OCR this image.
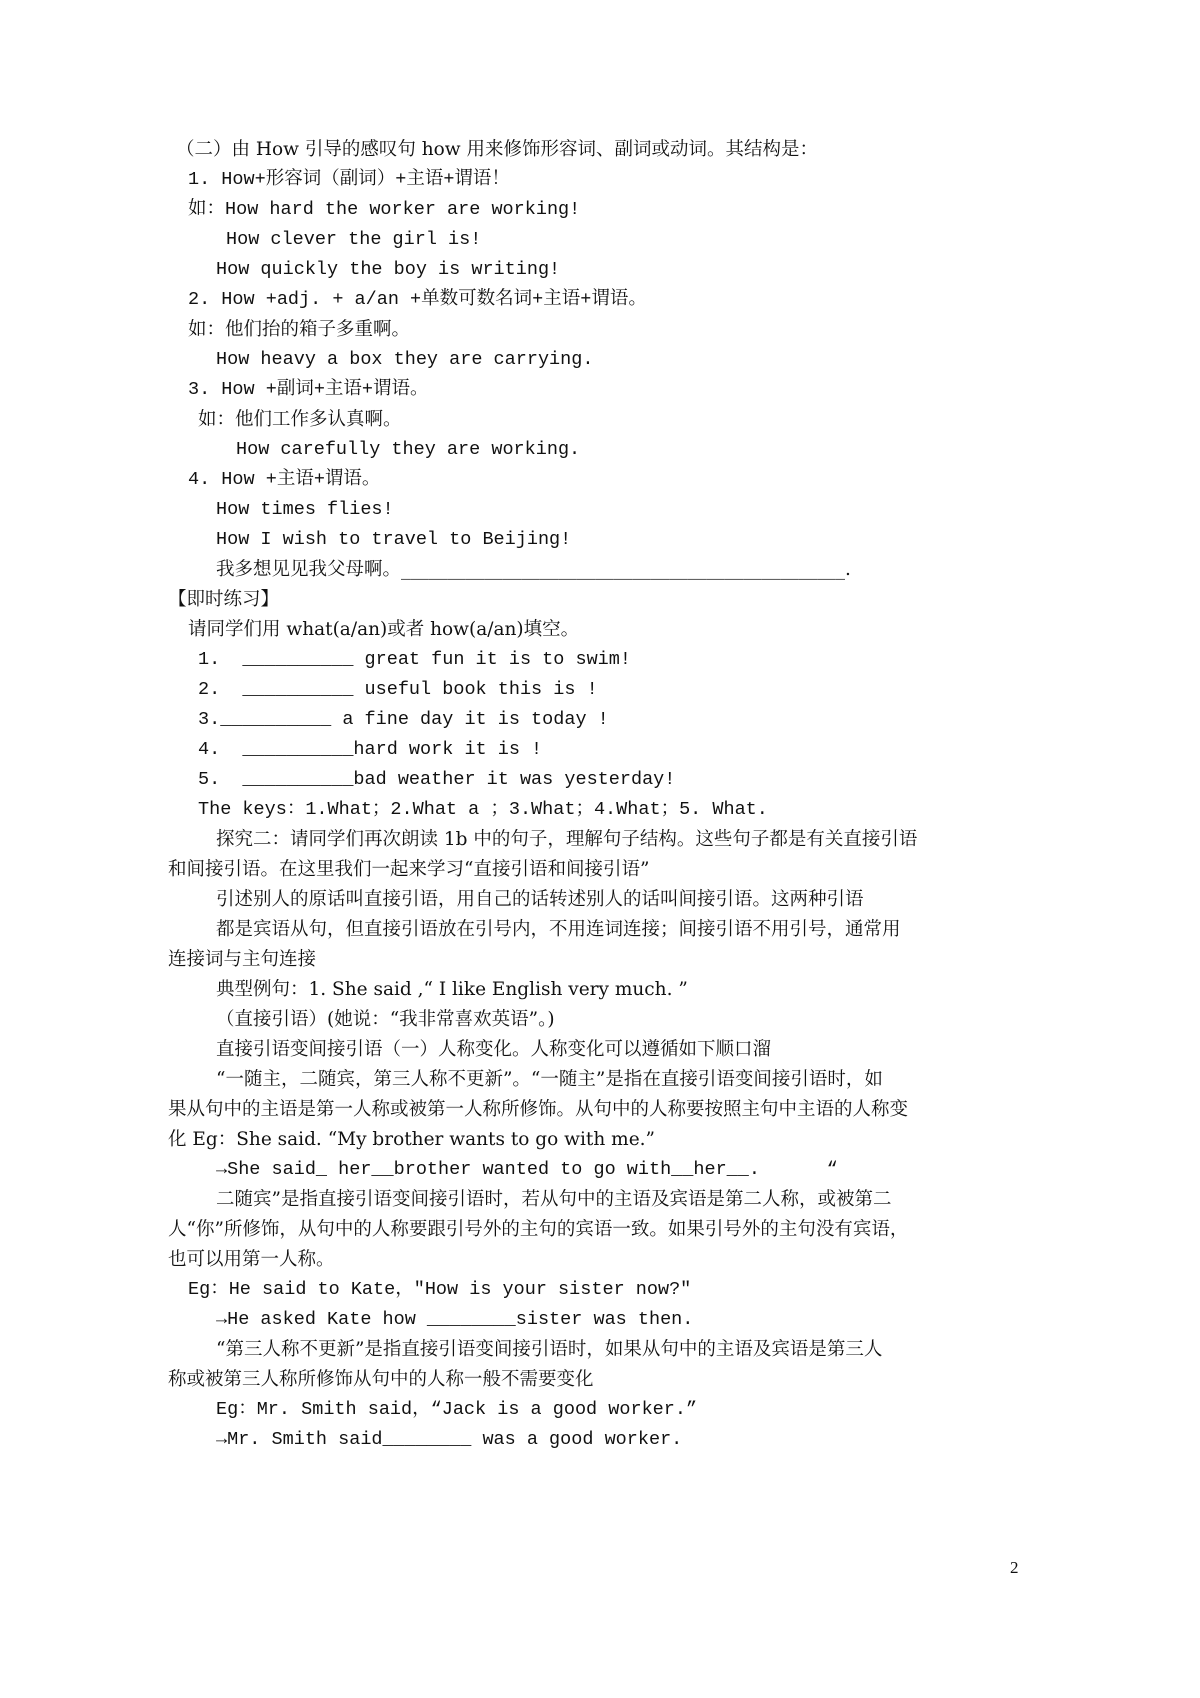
（二）由 How 引导的感叹句 how 用来修饰形容词、副词或动词。其结构是：
1. How+形容词（副词）+主语+谓语！
如：How hard the worker are working!
How clever the girl is!
How quickly the boy is writing!
2. How +adj. + a/an +单数可数名词+主语+谓语。
如：他们抬的箱子多重啊。
How heavy a box they are carrying.
3. How +副词+主语+谓语。
如：他们工作多认真啊。
How carefully they are working.
4. How +主语+谓语。
How times flies!
How I wish to travel to Beijing!
我多想见见我父母啊。________________________________________________.
【即时练习】
请同学们用 what(a/an)或者 how(a/an)填空。
1.  __________ great fun it is to swim!
2.  __________ useful book this is !
3.__________ a fine day it is today !
4.  __________hard work it is !
5.  __________bad weather it was yesterday!
The keys：1.What；2.What a ；3.What；4.What；5. What.
探究二：请同学们再次朗读 1b 中的句子，理解句子结构。这些句子都是有关直接引语
和间接引语。在这里我们一起来学习“直接引语和间接引语”
引述别人的原话叫直接引语，用自己的话转述别人的话叫间接引语。这两种引语
都是宾语从句，但直接引语放在引号内，不用连词连接；间接引语不用引号，通常用
连接词与主句连接
典型例句：1. She said ,“ I like English very much. ”
（直接引语）(她说：“我非常喜欢英语”。)
直接引语变间接引语（一）人称变化。人称变化可以遵循如下顺口溜
“一随主，二随宾，第三人称不更新”。“一随主”是指在直接引语变间接引语时，如
果从句中的主语是第一人称或被第一人称所修饰。从句中的人称要按照主句中主语的人称变
化 Eg：She said. “My brother wants to go with me.”
→She said_ her__brother wanted to go with__her__.      “
二随宾”是指直接引语变间接引语时，若从句中的主语及宾语是第二人称，或被第二
人“你”所修饰，从句中的人称要跟引号外的主句的宾语一致。如果引号外的主句没有宾语，
也可以用第一人称。
Eg：He said to Kate，"How is your sister now?"
→He asked Kate how ________sister was then.
“第三人称不更新”是指直接引语变间接引语时，如果从句中的主语及宾语是第三人
称或被第三人称所修饰从句中的人称一般不需要变化
Eg：Mr. Smith said，“Jack is a good worker.”
→Mr. Smith said________ was a good worker.
2
